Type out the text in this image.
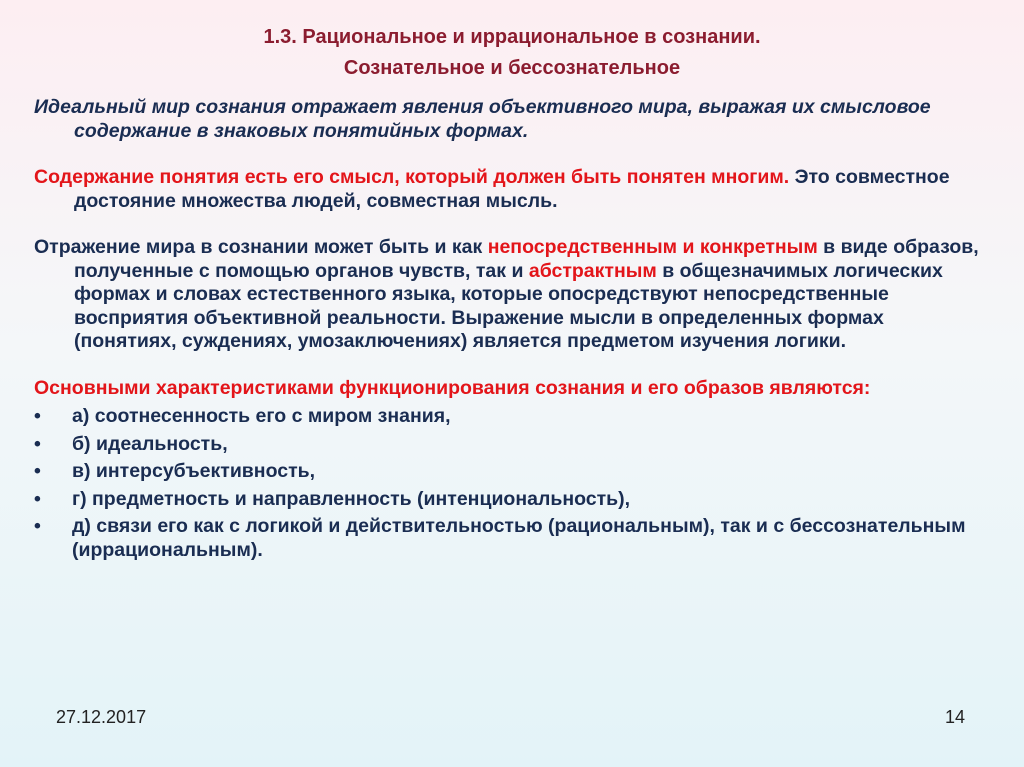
1.3. Рациональное и иррациональное в сознании.
Сознательное и бессознательное

Идеальный мир сознания отражает явления объективного мира, выражая их смысловое содержание в знаковых понятийных формах.

Содержание понятия есть его смысл, который должен быть понятен многим. Это совместное достояние множества людей, совместная мысль.

Отражение мира в сознании может быть и как непосредственным и конкретным в виде образов, полученные с помощью органов чувств, так и абстрактным в общезначимых логических формах и словах естественного языка, которые опосредствуют непосредственные восприятия объективной реальности. Выражение мысли в определенных формах (понятиях, суждениях, умозаключениях) является предметом изучения логики.

Основными характеристиками функционирования сознания и его образов являются:

•	а) соотнесенность его с миром знания,
•	б) идеальность,
•	в) интерсубъективность,
•	г) предметность и направленность (интенциональность),
•	д) связи его как с логикой и действительностью (рациональным), так и с бессознательным (иррациональным).
27.12.2017	14
